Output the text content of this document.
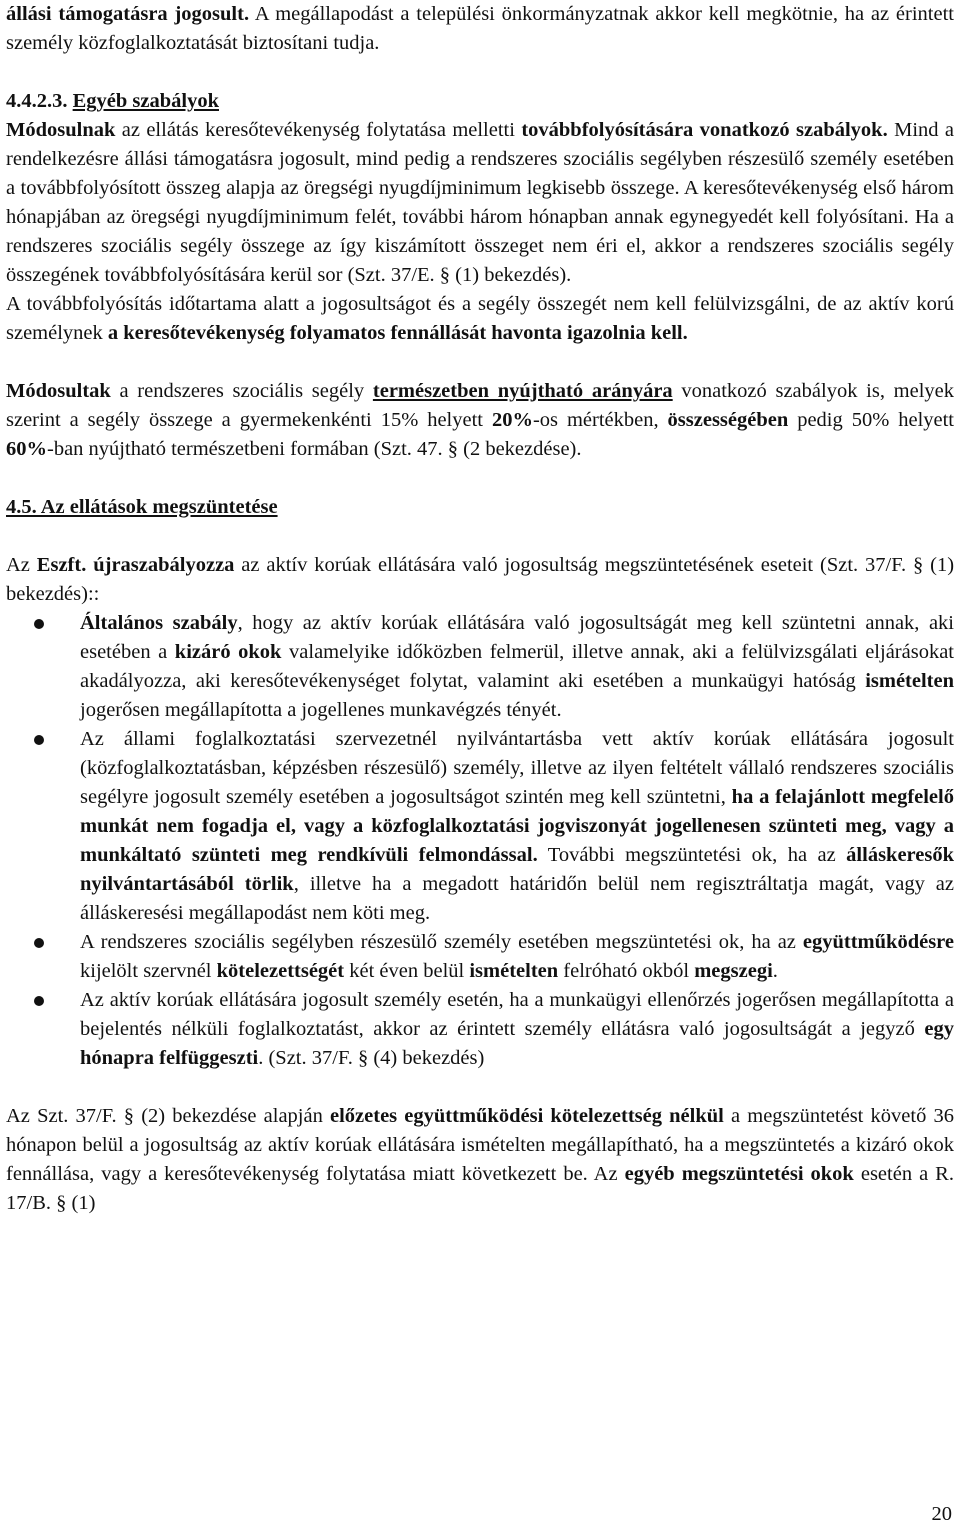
állási támogatásra jogosult. A megállapodást a települési önkormányzatnak akkor kell megkötnie, ha az érintett személy közfoglalkoztatását biztosítani tudja.

4.4.2.3. Egyéb szabályok

Módosulnak az ellátás keresőtevékenység folytatása melletti továbbfolyósítására vonatkozó szabályok. Mind a rendelkezésre állási támogatásra jogosult, mind pedig a rendszeres szociális segélyben részesülő személy esetében a továbbfolyósított összeg alapja az öregségi nyugdíjminimum legkisebb összege. A keresőtevékenység első három hónapjában az öregségi nyugdíjminimum felét, további három hónapban annak egynegyedét kell folyósítani. Ha a rendszeres szociális segély összege az így kiszámított összeget nem éri el, akkor a rendszeres szociális segély összegének továbbfolyósítására kerül sor (Szt. 37/E. § (1) bekezdés).

A továbbfolyósítás időtartama alatt a jogosultságot és a segély összegét nem kell felülvizsgálni, de az aktív korú személynek a keresőtevékenység folyamatos fennállását havonta igazolnia kell.

Módosultak a rendszeres szociális segély természetben nyújtható arányára vonatkozó szabályok is, melyek szerint a segély összege a gyermekenkénti 15% helyett 20%-os mértékben, összességében pedig 50% helyett 60%-ban nyújtható természetbeni formában (Szt. 47. § (2 bekezdése).

4.5. Az ellátások megszüntetése

Az Eszft. újraszabályozza az aktív korúak ellátására való jogosultság megszüntetésének eseteit (Szt. 37/F. § (1) bekezdés)::

Általános szabály, hogy az aktív korúak ellátására való jogosultságát meg kell szüntetni annak, aki esetében a kizáró okok valamelyike időközben felmerül, illetve annak, aki a felülvizsgálati eljárásokat akadályozza, aki keresőtevékenységet folytat, valamint aki esetében a munkaügyi hatóság ismételten jogerősen megállapította a jogellenes munkavégzés tényét.

Az állami foglalkoztatási szervezetnél nyilvántartásba vett aktív korúak ellátására jogosult (közfoglalkoztatásban, képzésben részesülő) személy, illetve az ilyen feltételt vállaló rendszeres szociális segélyre jogosult személy esetében a jogosultságot szintén meg kell szüntetni, ha a felajánlott megfelelő munkát nem fogadja el, vagy a közfoglalkoztatási jogviszonyát jogellenesen szünteti meg, vagy a munkáltató szünteti meg rendkívüli felmondással. További megszüntetési ok, ha az álláskeresők nyilvántartásából törlik, illetve ha a megadott határidőn belül nem regisztráltatja magát, vagy az álláskeresési megállapodást nem köti meg.

A rendszeres szociális segélyben részesülő személy esetében megszüntetési ok, ha az együttműködésre kijelölt szervnél kötelezettségét két éven belül ismételten felróható okból megszegi.

Az aktív korúak ellátására jogosult személy esetén, ha a munkaügyi ellenőrzés jogerősen megállapította a bejelentés nélküli foglalkoztatást, akkor az érintett személy ellátásra való jogosultságát a jegyző egy hónapra felfüggeszti. (Szt. 37/F. § (4) bekezdés)

Az Szt. 37/F. § (2) bekezdése alapján előzetes együttműködési kötelezettség nélkül a megszüntetést követő 36 hónapon belül a jogosultság az aktív korúak ellátására ismételten megállapítható, ha a megszüntetés a kizáró okok fennállása, vagy a keresőtevékenység folytatása miatt következett be. Az egyéb megszüntetési okok esetén a R. 17/B. § (1)

20
